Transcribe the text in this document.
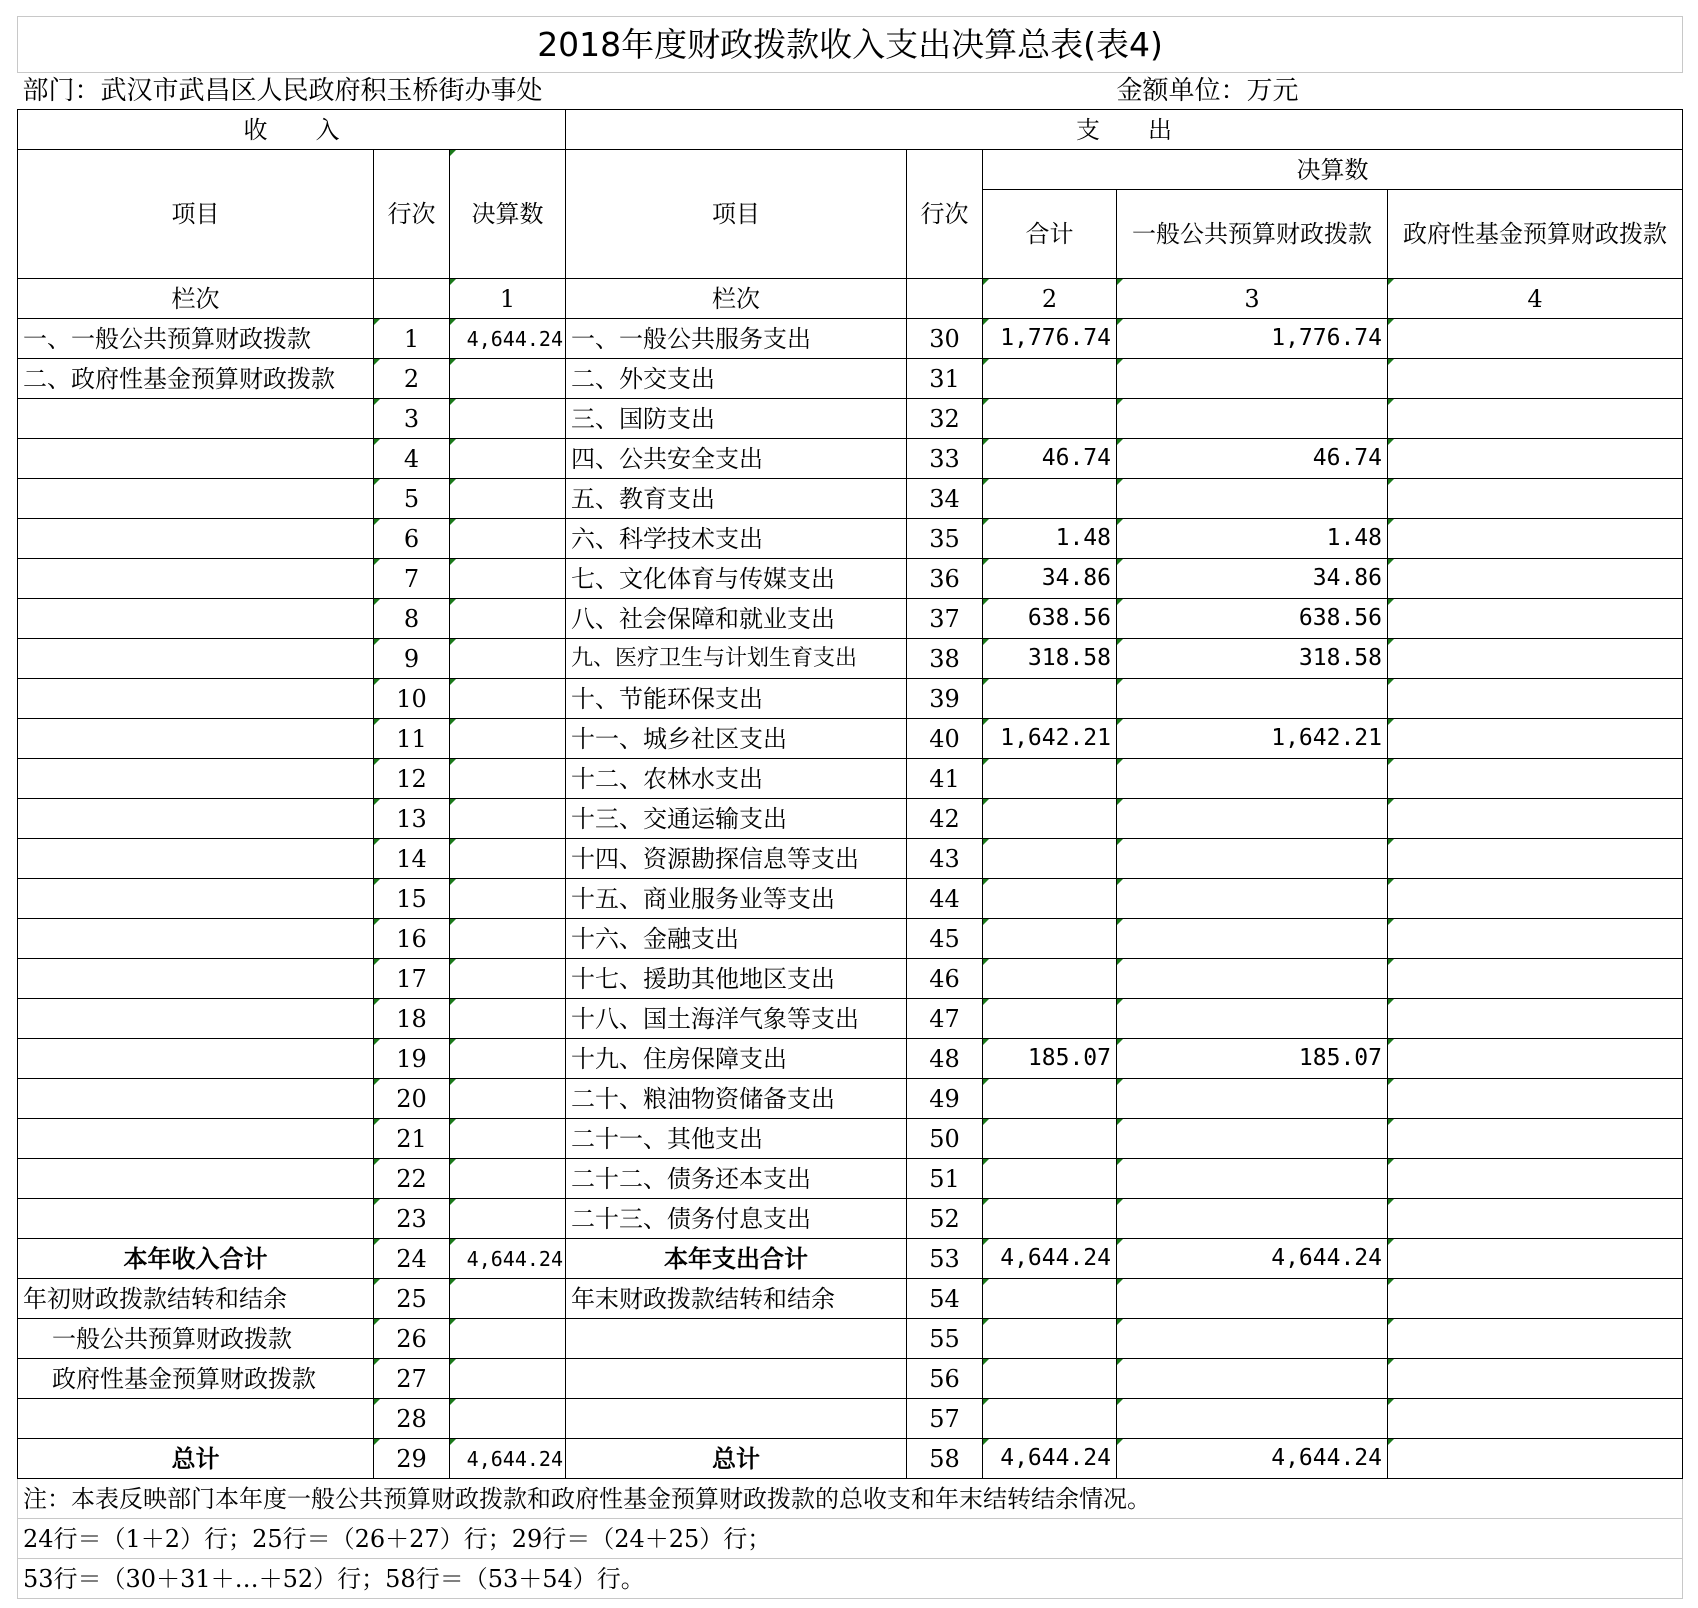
2018年度财政拨款收入支出决算总表(表4)							
部门：武汉市武昌区人民政府积玉桥街办事处						金额单位：万元	
收　　入			支　　出				
项目	行次	决算数	项目	行次	决算数		
					合计	一般公共预算财政拨款	政府性基金预算财政拨款
栏次		1	栏次		2	3	4
一、一般公共预算财政拨款	1	4,644.24	一、一般公共服务支出	30	1,776.74	1,776.74	
二、政府性基金预算财政拨款	2		二、外交支出	31			
	3		三、国防支出	32			
	4		四、公共安全支出	33	46.74	46.74	
	5		五、教育支出	34			
	6		六、科学技术支出	35	1.48	1.48	
	7		七、文化体育与传媒支出	36	34.86	34.86	
	8		八、社会保障和就业支出	37	638.56	638.56	
	9		九、医疗卫生与计划生育支出	38	318.58	318.58	
	10		十、节能环保支出	39			
	11		十一、城乡社区支出	40	1,642.21	1,642.21	
	12		十二、农林水支出	41			
	13		十三、交通运输支出	42			
	14		十四、资源勘探信息等支出	43			
	15		十五、商业服务业等支出	44			
	16		十六、金融支出	45			
	17		十七、援助其他地区支出	46			
	18		十八、国土海洋气象等支出	47			
	19		十九、住房保障支出	48	185.07	185.07	
	20		二十、粮油物资储备支出	49			
	21		二十一、其他支出	50			
	22		二十二、债务还本支出	51			
	23		二十三、债务付息支出	52			
本年收入合计	24	4,644.24	本年支出合计	53	4,644.24	4,644.24	
年初财政拨款结转和结余	25		年末财政拨款结转和结余	54			
一般公共预算财政拨款	26			55			
政府性基金预算财政拨款	27			56			
	28			57			
总计	29	4,644.24	总计	58	4,644.24	4,644.24	
注：本表反映部门本年度一般公共预算财政拨款和政府性基金预算财政拨款的总收支和年末结转结余情况。							
24行＝（1＋2）行；25行＝（26＋27）行；29行＝（24＋25）行；							
53行＝（30＋31＋…＋52）行；58行＝（53＋54）行。							
